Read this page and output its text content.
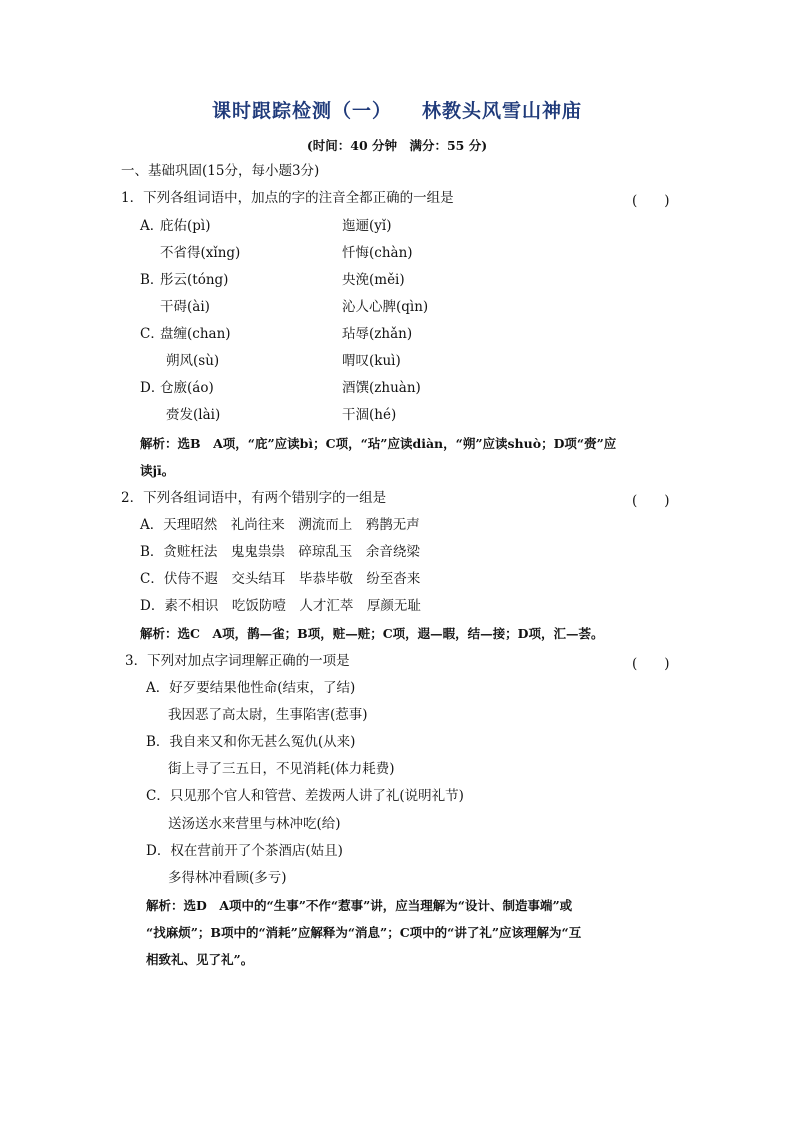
课时跟踪检测（一） 林教头风雪山神庙
(时间：40 分钟　满分：55 分)
一、基础巩固(15分，每小题3分)
1．下列各组词语中，加点的字的注音全都正确的一组是	(　　)
A．
庇佑(pì)	迤逦(yǐ)
不省得(xǐng)	忏悔(chàn)
B．
彤云(tóng)	央浼(měi)
干碍(ài)	沁人心脾(qìn)
C．
盘缠(chan)	玷辱(zhǎn)
朔风(sù)	喟叹(kuì)
D．
仓廒(áo)	酒馔(zhuàn)
赍发(lài)	干涸(hé)
解析：选B　A项，“庇”应读bì；C项，“玷”应读diàn，“朔”应读shuò；D项“赍”应
读jī。
2．下列各组词语中，有两个错别字的一组是	(　　)
A．天理昭然　礼尚往来　溯流而上　鸦鹊无声
B．贪赃枉法　鬼鬼祟祟　碎琼乱玉　余音绕梁
C．伏侍不遐　交头结耳　毕恭毕敬　纷至沓来
D．素不相识　吃饭防噎　人才汇萃　厚颜无耻
解析：选C　A项，鹊—雀；B项，赃—赃；C项，遐—暇，结—接；D项，汇—荟。
3．下列对加点字词理解正确的一项是	(　　)
A．好歹要结果他性命(结束，了结)
我因恶了高太尉，生事陷害(惹事)
B．我自来又和你无甚么冤仇(从来)
街上寻了三五日，不见消耗(体力耗费)
C．只见那个官人和管营、差拨两人讲了礼(说明礼节)
送汤送水来营里与林冲吃(给)
D．权在营前开了个茶酒店(姑且)
多得林冲看顾(多亏)
解析：选D　A项中的“生事”不作“惹事”讲，应当理解为“设计、制造事端”或
“找麻烦”；B项中的“消耗”应解释为“消息”；C项中的“讲了礼”应该理解为“互
相致礼、见了礼”。
